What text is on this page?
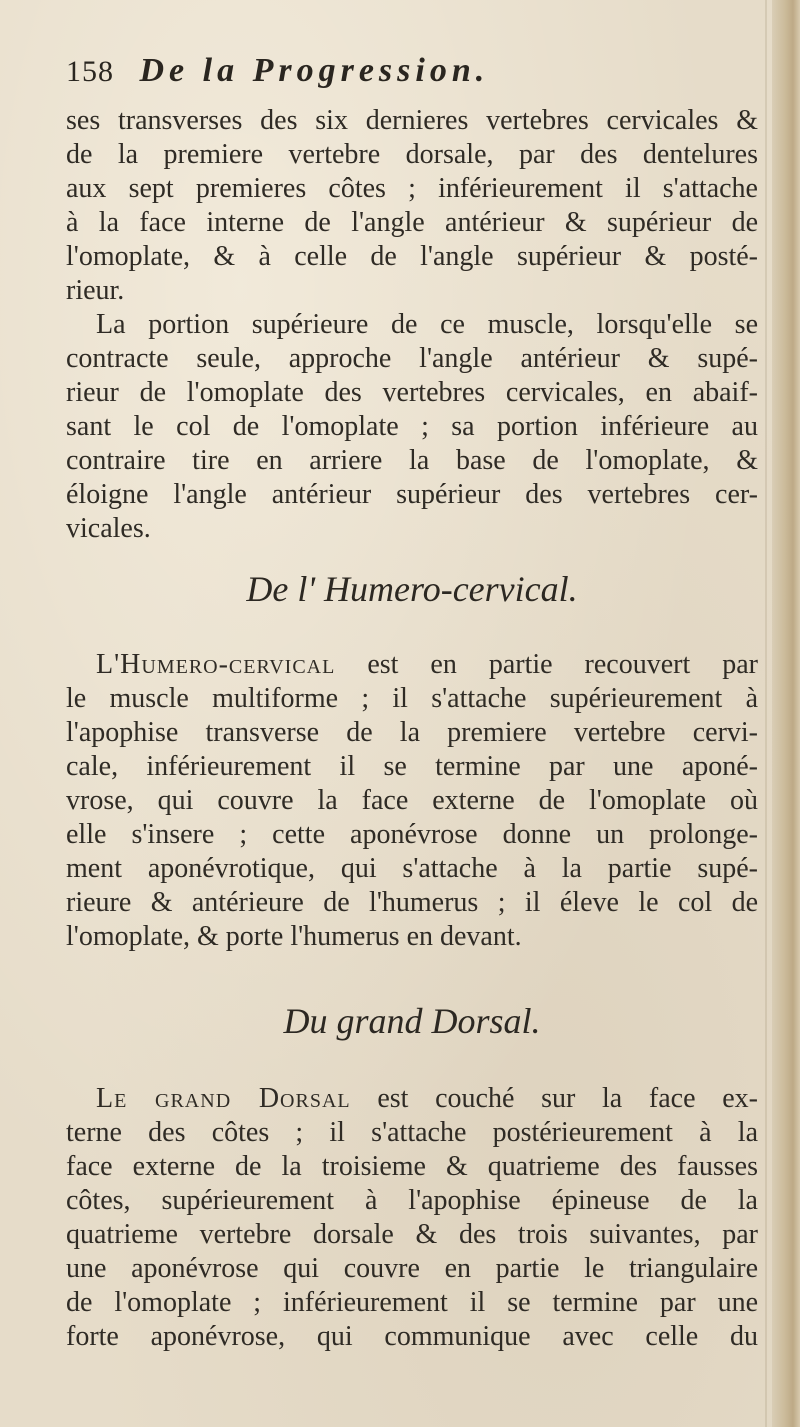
158 De la Progression.
ses transverses des six dernieres vertebres cervicales &
de la premiere vertebre dorsale, par des dentelures
aux sept premieres côtes ; inférieurement il s'attache
à la face interne de l'angle antérieur & supérieur de
l'omoplate, & à celle de l'angle supérieur & posté-
rieur.
La portion supérieure de ce muscle, lorsqu'elle se
contracte seule, approche l'angle antérieur & supé-
rieur de l'omoplate des vertebres cervicales, en abaif-
sant le col de l'omoplate ; sa portion inférieure au
contraire tire en arriere la base de l'omoplate, &
éloigne l'angle antérieur supérieur des vertebres cer-
vicales.
De l' Humero-cervical.
L'Humero-cervical est en partie recouvert par
le muscle multiforme ; il s'attache supérieurement à
l'apophise transverse de la premiere vertebre cervi-
cale, inférieurement il se termine par une aponé-
vrose, qui couvre la face externe de l'omoplate où
elle s'insere ; cette aponévrose donne un prolonge-
ment aponévrotique, qui s'attache à la partie supé-
rieure & antérieure de l'humerus ; il éleve le col de
l'omoplate, & porte l'humerus en devant.
Du grand Dorsal.
Le grand Dorsal est couché sur la face ex-
terne des côtes ; il s'attache postérieurement à la
face externe de la troisieme & quatrieme des fausses
côtes, supérieurement à l'apophise épineuse de la
quatrieme vertebre dorsale & des trois suivantes, par
une aponévrose qui couvre en partie le triangulaire
de l'omoplate ; inférieurement il se termine par une
forte aponévrose, qui communique avec celle du
